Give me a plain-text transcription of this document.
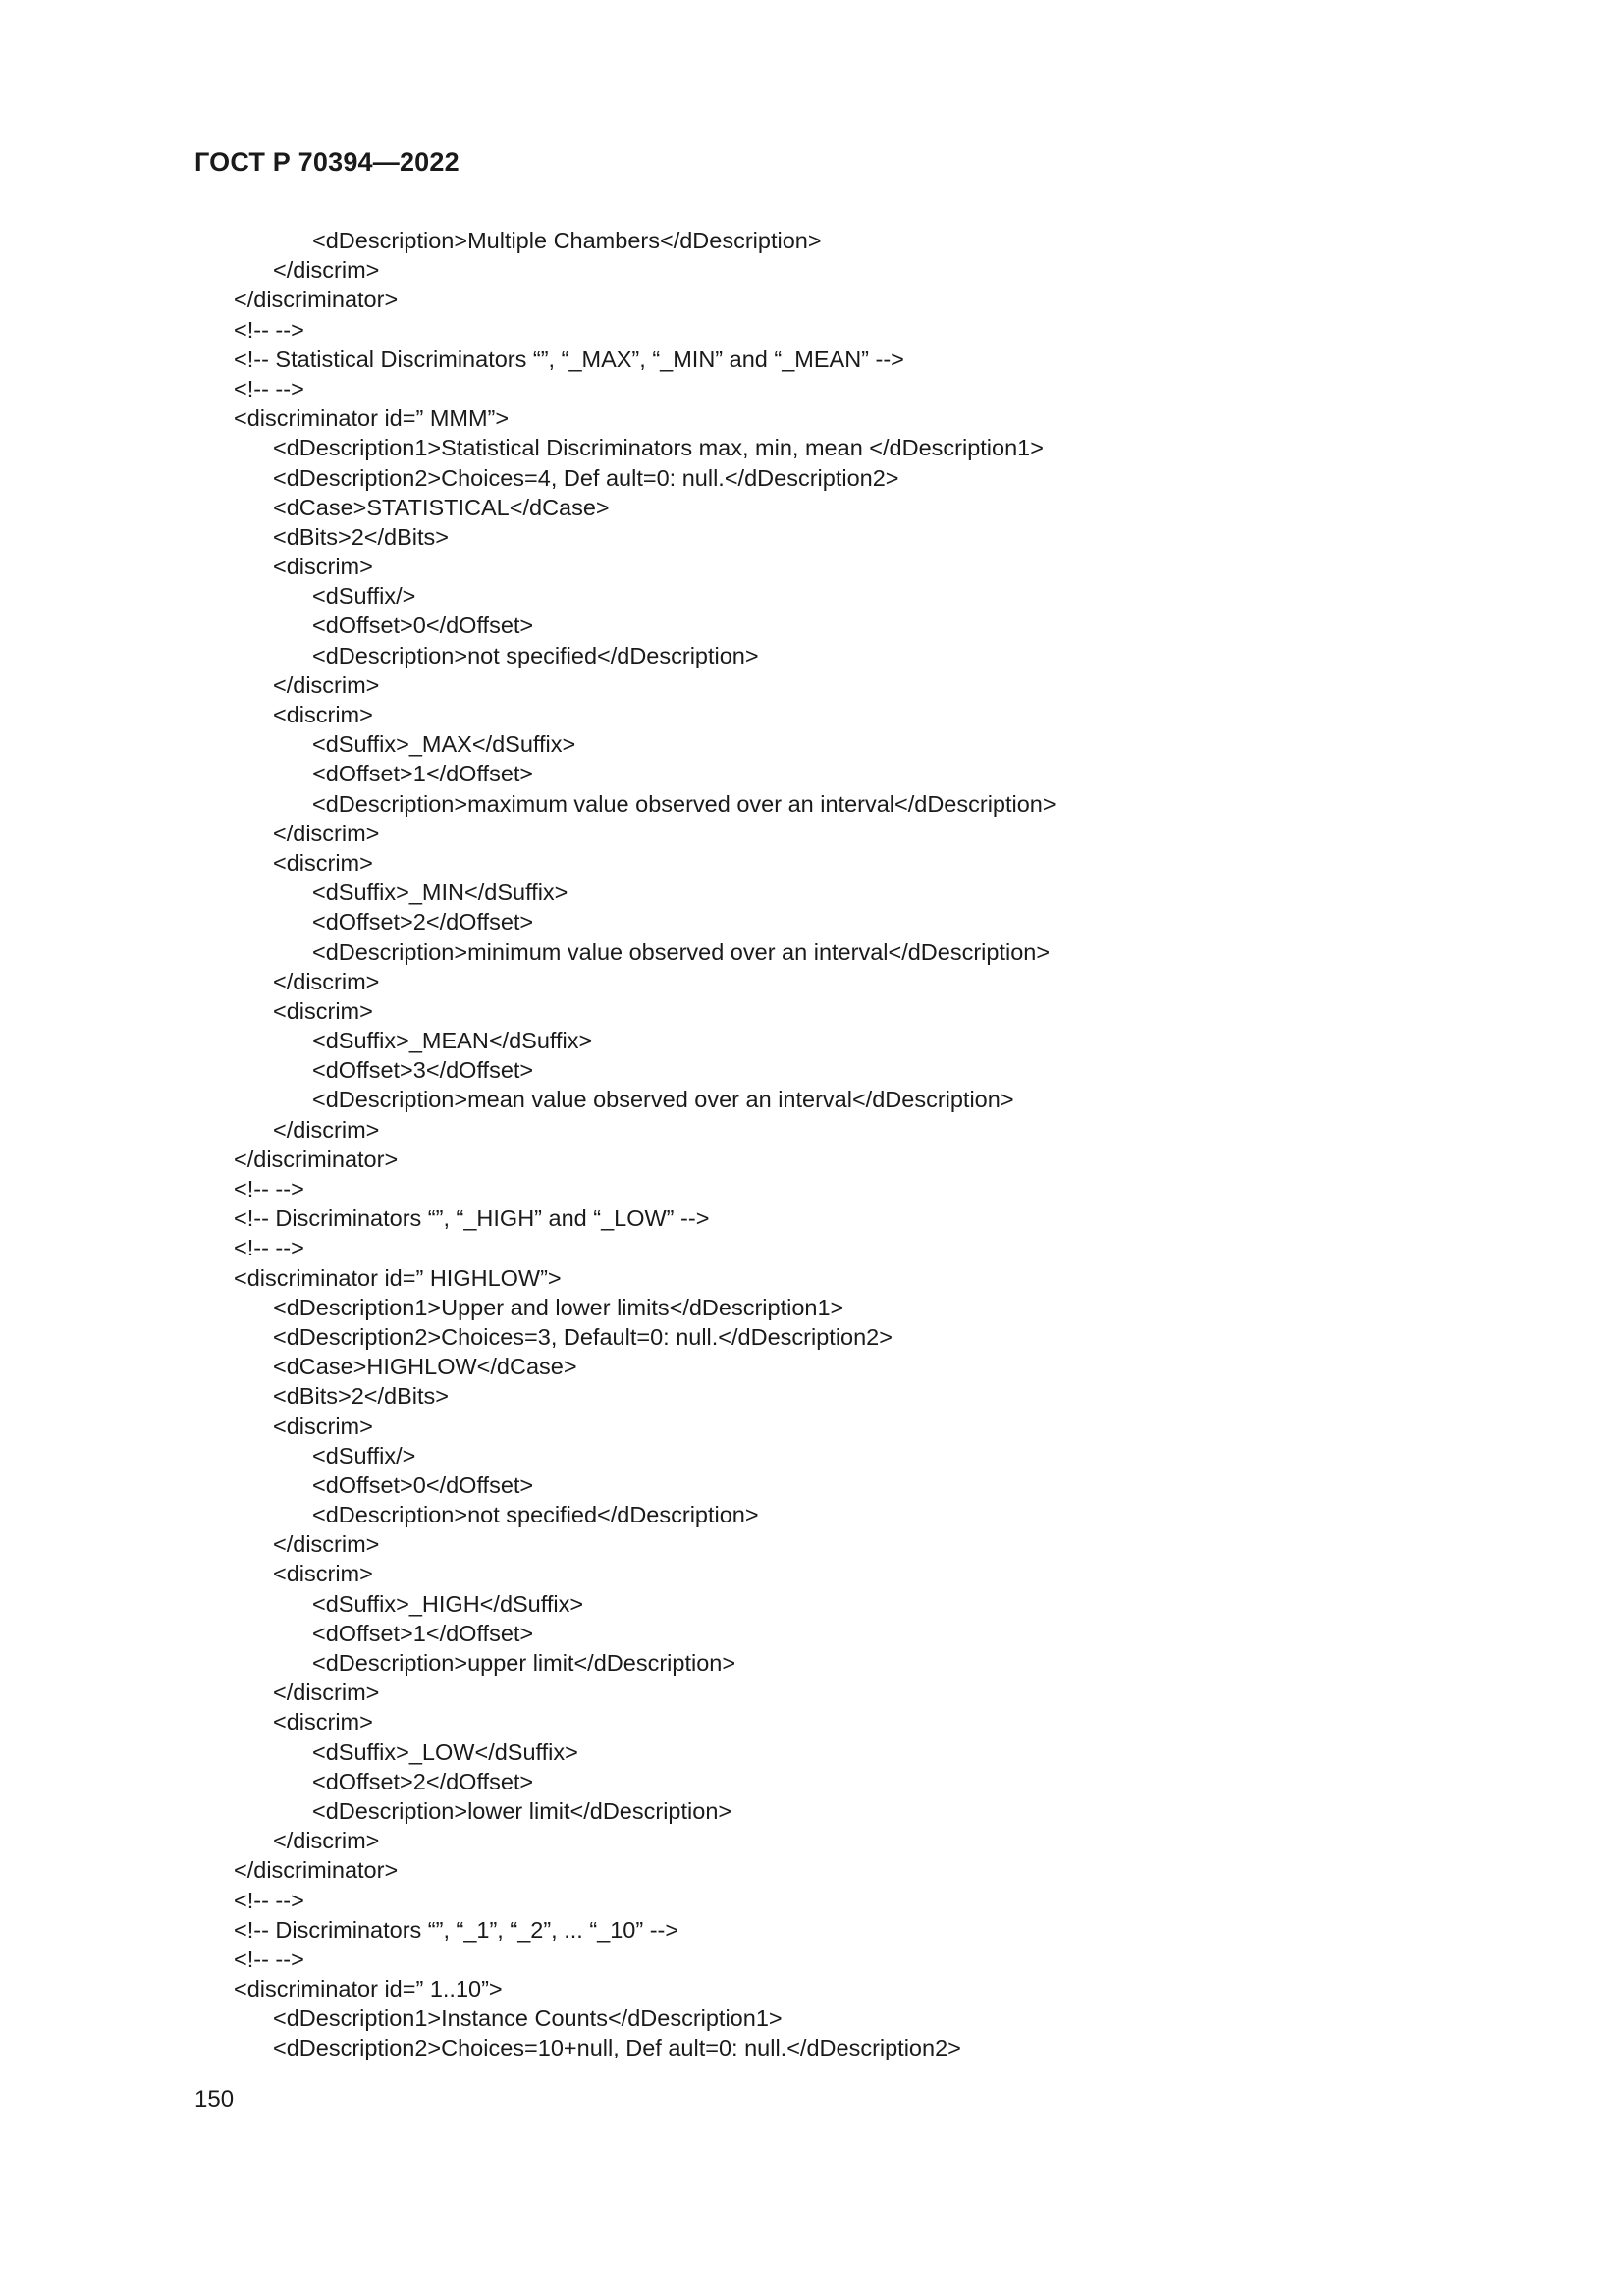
ГОСТ Р 70394—2022
<dDescription>Multiple Chambers</dDescription>
</discrim>
</discriminator>
<!-- -->
<!-- Statistical Discriminators “”, “_MAX”, “_MIN” and “_MEAN” -->
<!-- -->
<discriminator id=” MMM”>
<dDescription1>Statistical Discriminators max, min, mean </dDescription1>
<dDescription2>Choices=4, Def ault=0: null.</dDescription2>
<dCase>STATISTICAL</dCase>
<dBits>2</dBits>
<discrim>
<dSuffix/>
<dOffset>0</dOffset>
<dDescription>not specified</dDescription>
</discrim>
<discrim>
<dSuffix>_MAX</dSuffix>
<dOffset>1</dOffset>
<dDescription>maximum value observed over an interval</dDescription>
</discrim>
<discrim>
<dSuffix>_MIN</dSuffix>
<dOffset>2</dOffset>
<dDescription>minimum value observed over an interval</dDescription>
</discrim>
<discrim>
<dSuffix>_MEAN</dSuffix>
<dOffset>3</dOffset>
<dDescription>mean value observed over an interval</dDescription>
</discrim>
</discriminator>
<!-- -->
<!-- Discriminators “”, “_HIGH” and “_LOW” -->
<!-- -->
<discriminator id=” HIGHLOW”>
<dDescription1>Upper and lower limits</dDescription1>
<dDescription2>Choices=3, Default=0: null.</dDescription2>
<dCase>HIGHLOW</dCase>
<dBits>2</dBits>
<discrim>
<dSuffix/>
<dOffset>0</dOffset>
<dDescription>not specified</dDescription>
</discrim>
<discrim>
<dSuffix>_HIGH</dSuffix>
<dOffset>1</dOffset>
<dDescription>upper limit</dDescription>
</discrim>
<discrim>
<dSuffix>_LOW</dSuffix>
<dOffset>2</dOffset>
<dDescription>lower limit</dDescription>
</discrim>
</discriminator>
<!-- -->
<!-- Discriminators “”, “_1”, “_2”, ... “_10” -->
<!-- -->
<discriminator id=” 1..10”>
<dDescription1>Instance Counts</dDescription1>
<dDescription2>Choices=10+null, Def ault=0: null.</dDescription2>
150
